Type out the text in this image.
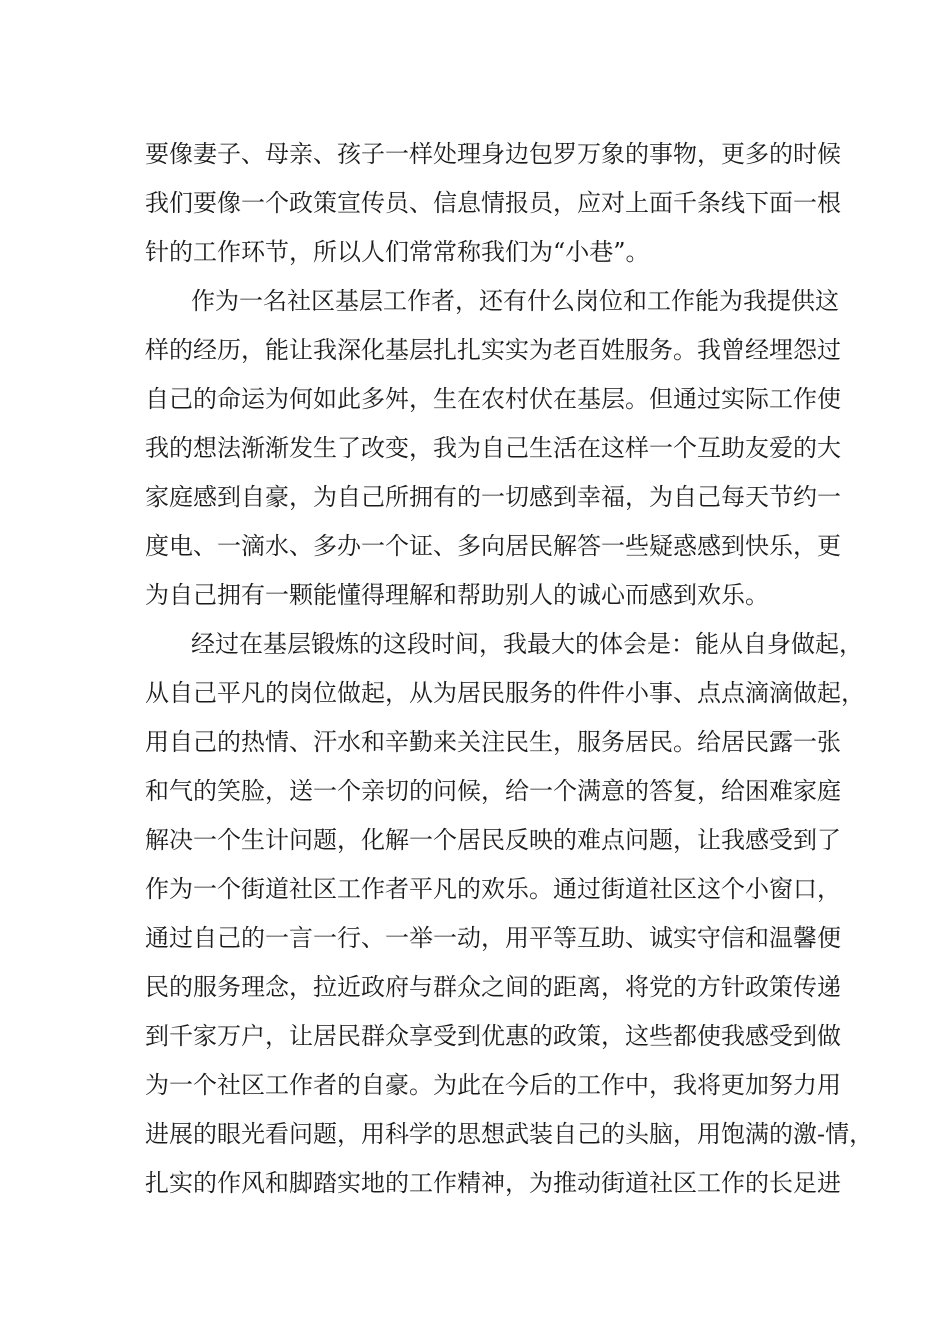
要像妻子、母亲、孩子一样处理身边包罗万象的事物，更多的时候
我们要像一个政策宣传员、信息情报员，应对上面千条线下面一根
针的工作环节，所以人们常常称我们为“小巷”。
作为一名社区基层工作者，还有什么岗位和工作能为我提供这
样的经历，能让我深化基层扎扎实实为老百姓服务。我曾经埋怨过
自己的命运为何如此多舛，生在农村伏在基层。但通过实际工作使
我的想法渐渐发生了改变，我为自己生活在这样一个互助友爱的大
家庭感到自豪，为自己所拥有的一切感到幸福，为自己每天节约一
度电、一滴水、多办一个证、多向居民解答一些疑惑感到快乐，更
为自己拥有一颗能懂得理解和帮助别人的诚心而感到欢乐。
经过在基层锻炼的这段时间，我最大的体会是：能从自身做起，
从自己平凡的岗位做起，从为居民服务的件件小事、点点滴滴做起，
用自己的热情、汗水和辛勤来关注民生，服务居民。给居民露一张
和气的笑脸，送一个亲切的问候，给一个满意的答复，给困难家庭
解决一个生计问题，化解一个居民反映的难点问题，让我感受到了
作为一个街道社区工作者平凡的欢乐。通过街道社区这个小窗口，
通过自己的一言一行、一举一动，用平等互助、诚实守信和温馨便
民的服务理念，拉近政府与群众之间的距离，将党的方针政策传递
到千家万户，让居民群众享受到优惠的政策，这些都使我感受到做
为一个社区工作者的自豪。为此在今后的工作中，我将更加努力用
进展的眼光看问题，用科学的思想武装自己的头脑，用饱满的激-情，
扎实的作风和脚踏实地的工作精神，为推动街道社区工作的长足进
